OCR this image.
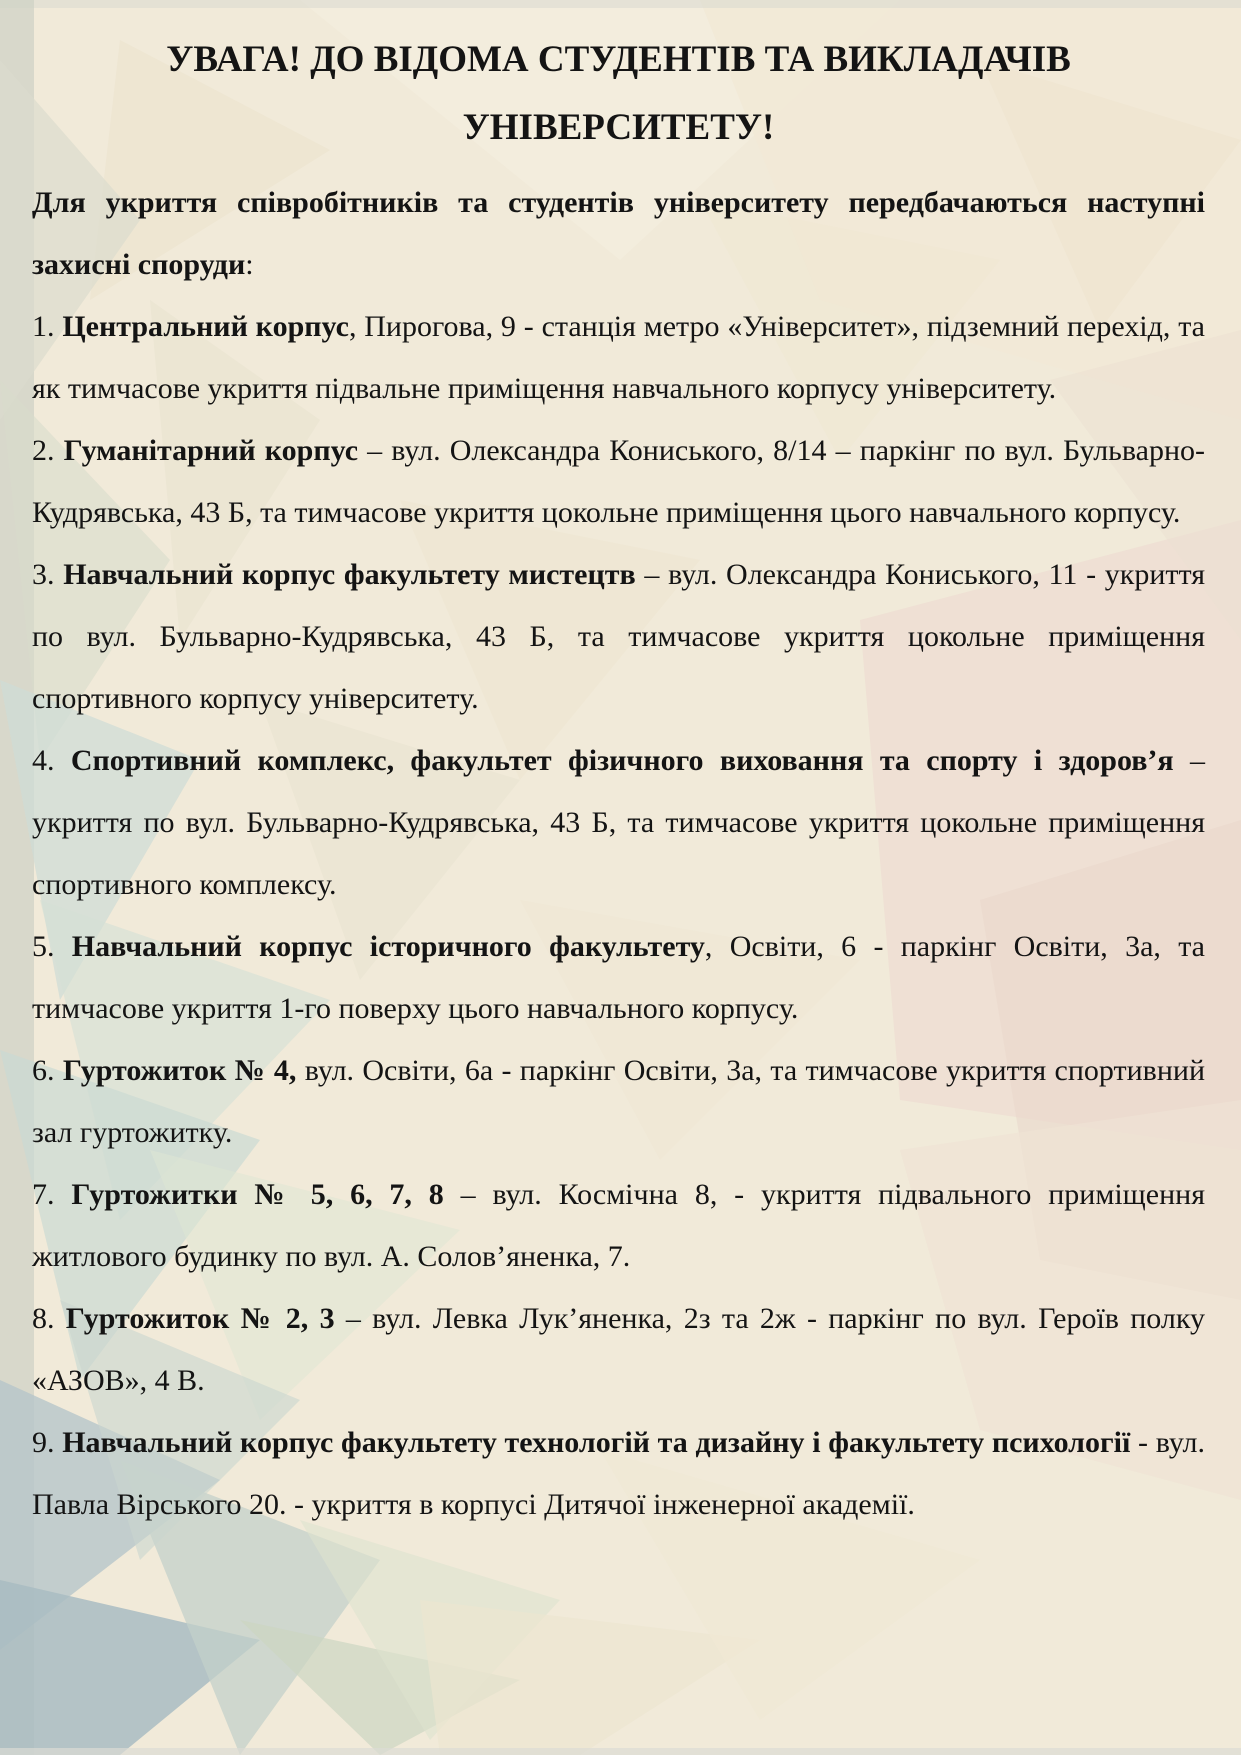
УВАГА! ДО ВІДОМА СТУДЕНТІВ ТА ВИКЛАДАЧІВ
УНІВЕРСИТЕТУ!

Для укриття співробітників та студентів університету передбачаються наступні захисні споруди:

1. Центральний корпус, Пирогова, 9 - станція метро «Університет», підземний перехід, та як тимчасове укриття підвальне приміщення навчального корпусу університету.

2. Гуманітарний корпус – вул. Олександра Кониського, 8/14 – паркінг по вул. Бульварно-Кудрявська, 43 Б, та тимчасове укриття цокольне приміщення цього навчального корпусу.

3. Навчальний корпус факультету мистецтв – вул. Олександра Кониського, 11 - укриття по вул. Бульварно-Кудрявська, 43 Б, та тимчасове укриття цокольне приміщення спортивного корпусу університету.

4. Спортивний комплекс, факультет фізичного виховання та спорту і здоров’я – укриття по вул. Бульварно-Кудрявська, 43 Б, та тимчасове укриття цокольне приміщення спортивного комплексу.

5. Навчальний корпус історичного факультету, Освіти, 6 - паркінг Освіти, 3а, та тимчасове укриття 1-го поверху цього навчального корпусу.

6. Гуртожиток № 4, вул. Освіти, 6а - паркінг Освіти, 3а, та тимчасове укриття спортивний зал гуртожитку.

7. Гуртожитки № 5, 6, 7, 8 – вул. Космічна 8, - укриття підвального приміщення житлового будинку по вул. А. Солов’яненка, 7.

8. Гуртожиток № 2, 3 – вул. Левка Лук’яненка, 2з та 2ж - паркінг по вул. Героїв полку «АЗОВ», 4 В.

9. Навчальний корпус факультету технологій та дизайну і факультету психології - вул. Павла Вірського 20. - укриття в корпусі Дитячої інженерної академії.
